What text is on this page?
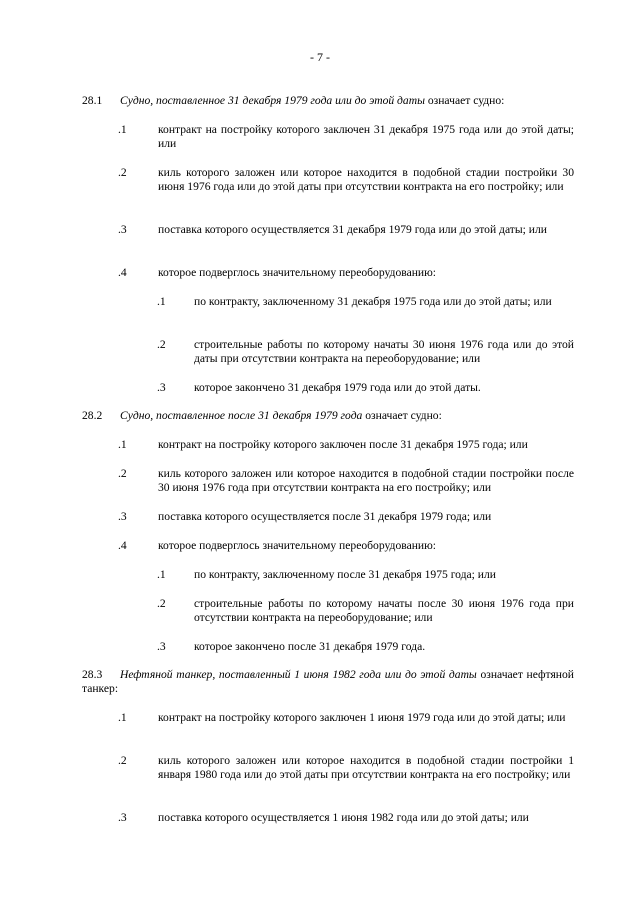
- 7 -
28.1 Судно, поставленное 31 декабря 1979 года или до этой даты означает судно:
.1	контракт на постройку которого заключен 31 декабря 1975 года или до этой даты; или
.2	киль которого заложен или которое находится в подобной стадии постройки 30 июня 1976 года или до этой даты при отсутствии контракта на его постройку; или
.3	поставка которого осуществляется 31 декабря 1979 года или до этой даты; или
.4	которое подверглось значительному переоборудованию:
.1 по контракту, заключенному 31 декабря 1975 года или до этой даты; или
.2 строительные работы по которому начаты 30 июня 1976 года или до этой даты при отсутствии контракта на переоборудование; или
.3 которое закончено 31 декабря 1979 года или до этой даты.
28.2 Судно, поставленное после 31 декабря 1979 года означает судно:
.1	контракт на постройку которого заключен после 31 декабря 1975 года; или
.2	киль которого заложен или которое находится в подобной стадии постройки после 30 июня 1976 года при отсутствии контракта на его постройку; или
.3	поставка которого осуществляется после 31 декабря 1979 года; или
.4	которое подверглось значительному переоборудованию:
.1 по контракту, заключенному после 31 декабря 1975 года; или
.2 строительные работы по которому начаты после 30 июня 1976 года при отсутствии контракта на переоборудование; или
.3 которое закончено после 31 декабря 1979 года.
28.3 Нефтяной танкер, поставленный 1 июня 1982 года или до этой даты означает нефтяной танкер:
.1	контракт на постройку которого заключен 1 июня 1979 года или до этой даты; или
.2	киль которого заложен или которое находится в подобной стадии постройки 1 января 1980 года или до этой даты при отсутствии контракта на его постройку; или
.3	поставка которого осуществляется 1 июня 1982 года или до этой даты; или
